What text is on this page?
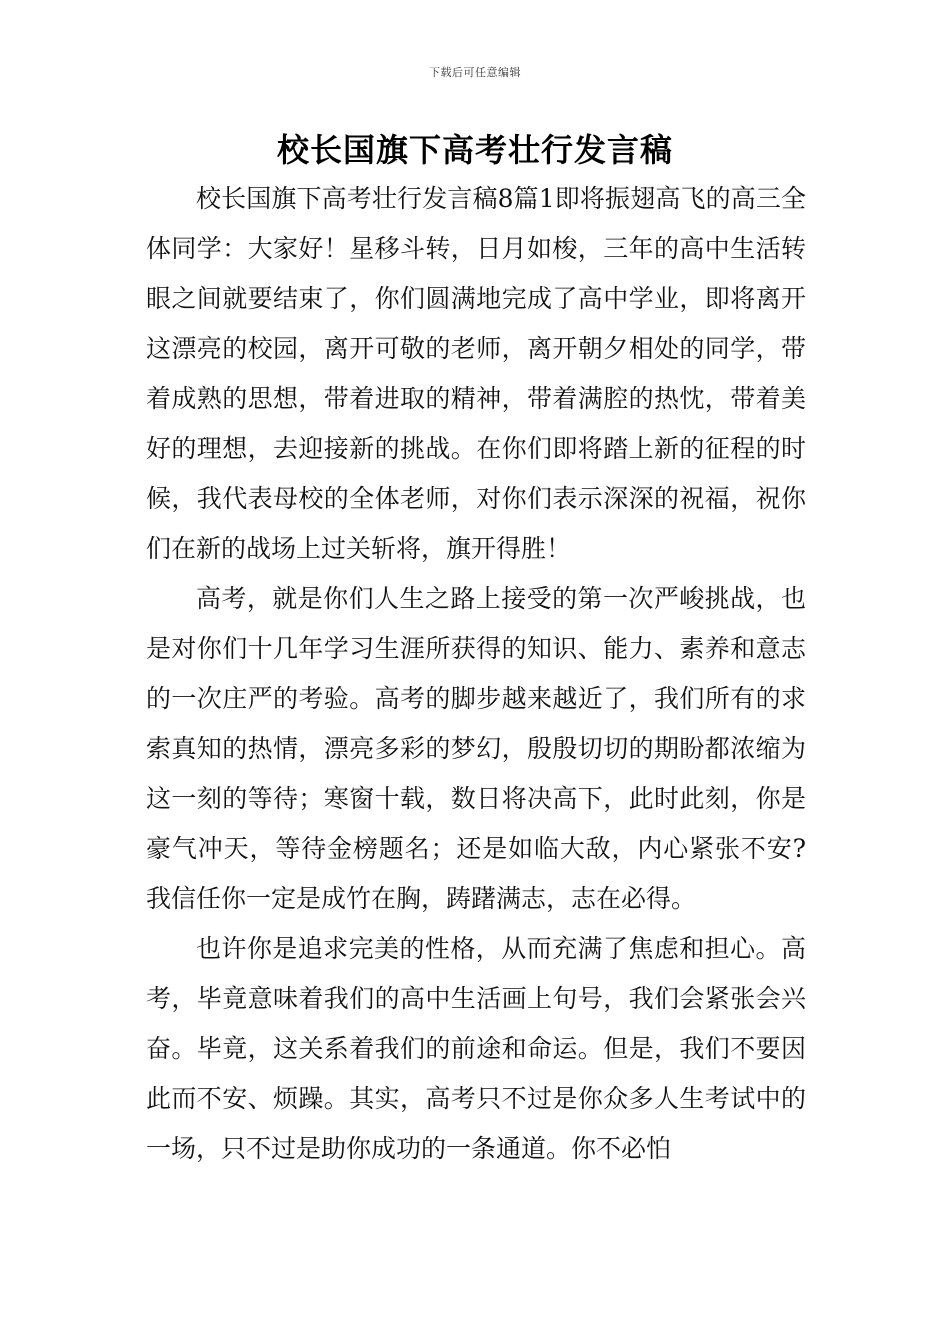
下载后可任意编辑
校长国旗下高考壮行发言稿

校长国旗下高考壮行发言稿8篇1即将振翅高飞的高三全体同学：大家好！星移斗转，日月如梭，三年的高中生活转眼之间就要结束了，你们圆满地完成了高中学业，即将离开这漂亮的校园，离开可敬的老师，离开朝夕相处的同学，带着成熟的思想，带着进取的精神，带着满腔的热忱，带着美好的理想，去迎接新的挑战。在你们即将踏上新的征程的时候，我代表母校的全体老师，对你们表示深深的祝福，祝你们在新的战场上过关斩将，旗开得胜！

高考，就是你们人生之路上接受的第一次严峻挑战，也是对你们十几年学习生涯所获得的知识、能力、素养和意志的一次庄严的考验。高考的脚步越来越近了，我们所有的求索真知的热情，漂亮多彩的梦幻，殷殷切切的期盼都浓缩为这一刻的等待；寒窗十载，数日将决高下，此时此刻，你是豪气冲天，等待金榜题名；还是如临大敌，内心紧张不安?我信任你一定是成竹在胸，踌躇满志，志在必得。

也许你是追求完美的性格，从而充满了焦虑和担心。高考，毕竟意味着我们的高中生活画上句号，我们会紧张会兴奋。毕竟，这关系着我们的前途和命运。但是，我们不要因此而不安、烦躁。其实，高考只不过是你众多人生考试中的一场，只不过是助你成功的一条通道。你不必怕
